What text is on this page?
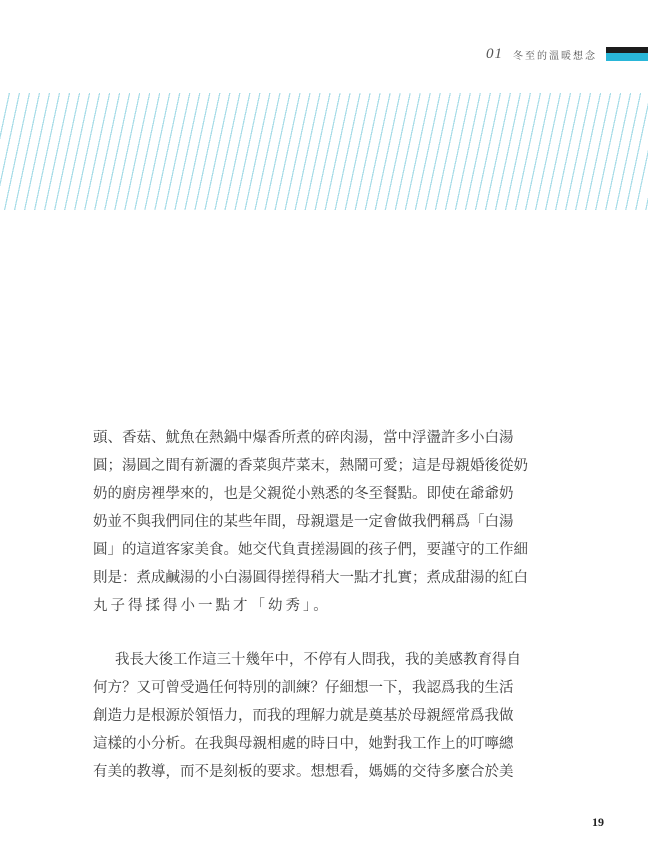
01 冬至的溫暖想念
頭、香菇、魷魚在熱鍋中爆香所煮的碎肉湯，當中浮盪許多小白湯
圓；湯圓之間有新灑的香菜與芹菜末，熱鬧可愛；這是母親婚後從奶
奶的廚房裡學來的，也是父親從小熟悉的冬至餐點。即使在爺爺奶
奶並不與我們同住的某些年間，母親還是一定會做我們稱爲「白湯
圓」的這道客家美食。她交代負責搓湯圓的孩子們，要謹守的工作細
則是：煮成鹹湯的小白湯圓得搓得稍大一點才扎實；煮成甜湯的紅白
丸子得揉得小一點才「幼秀」。
我長大後工作這三十幾年中，不停有人問我，我的美感教育得自
何方？又可曾受過任何特別的訓練？仔細想一下，我認爲我的生活
創造力是根源於領悟力，而我的理解力就是奠基於母親經常爲我做
這樣的小分析。在我與母親相處的時日中，她對我工作上的叮嚀總
有美的教導，而不是刻板的要求。想想看，媽媽的交待多麼合於美
19
